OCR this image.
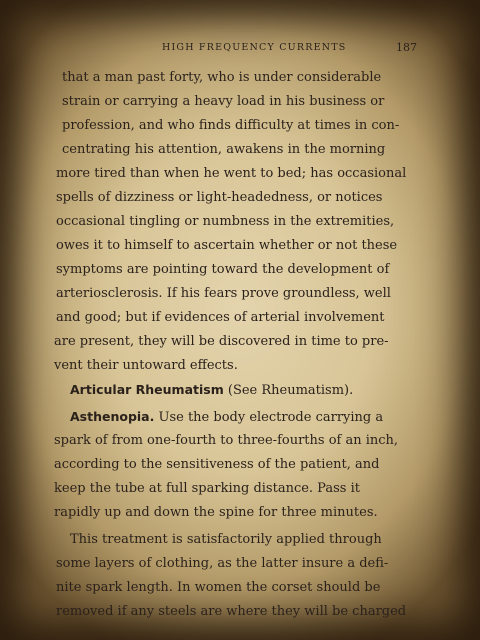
HIGH FREQUENCY CURRENTS	187
that a man past forty, who is under considerable
strain or carrying a heavy load in his business or
profession, and who finds difficulty at times in con-
centrating his attention, awakens in the morning
more tired than when he went to bed; has occasional
spells of dizziness or light-headedness, or notices
occasional tingling or numbness in the extremities,
owes it to himself to ascertain whether or not these
symptoms are pointing toward the development of
arteriosclerosis. If his fears prove groundless, well
and good; but if evidences of arterial involvement
are present, they will be discovered in time to pre-
vent their untoward effects.
Articular Rheumatism (See Rheumatism).
Asthenopia. Use the body electrode carrying a
spark of from one-fourth to three-fourths of an inch,
according to the sensitiveness of the patient, and
keep the tube at full sparking distance. Pass it
rapidly up and down the spine for three minutes.
This treatment is satisfactorily applied through
some layers of clothing, as the latter insure a defi-
nite spark length. In women the corset should be
removed if any steels are where they will be charged
